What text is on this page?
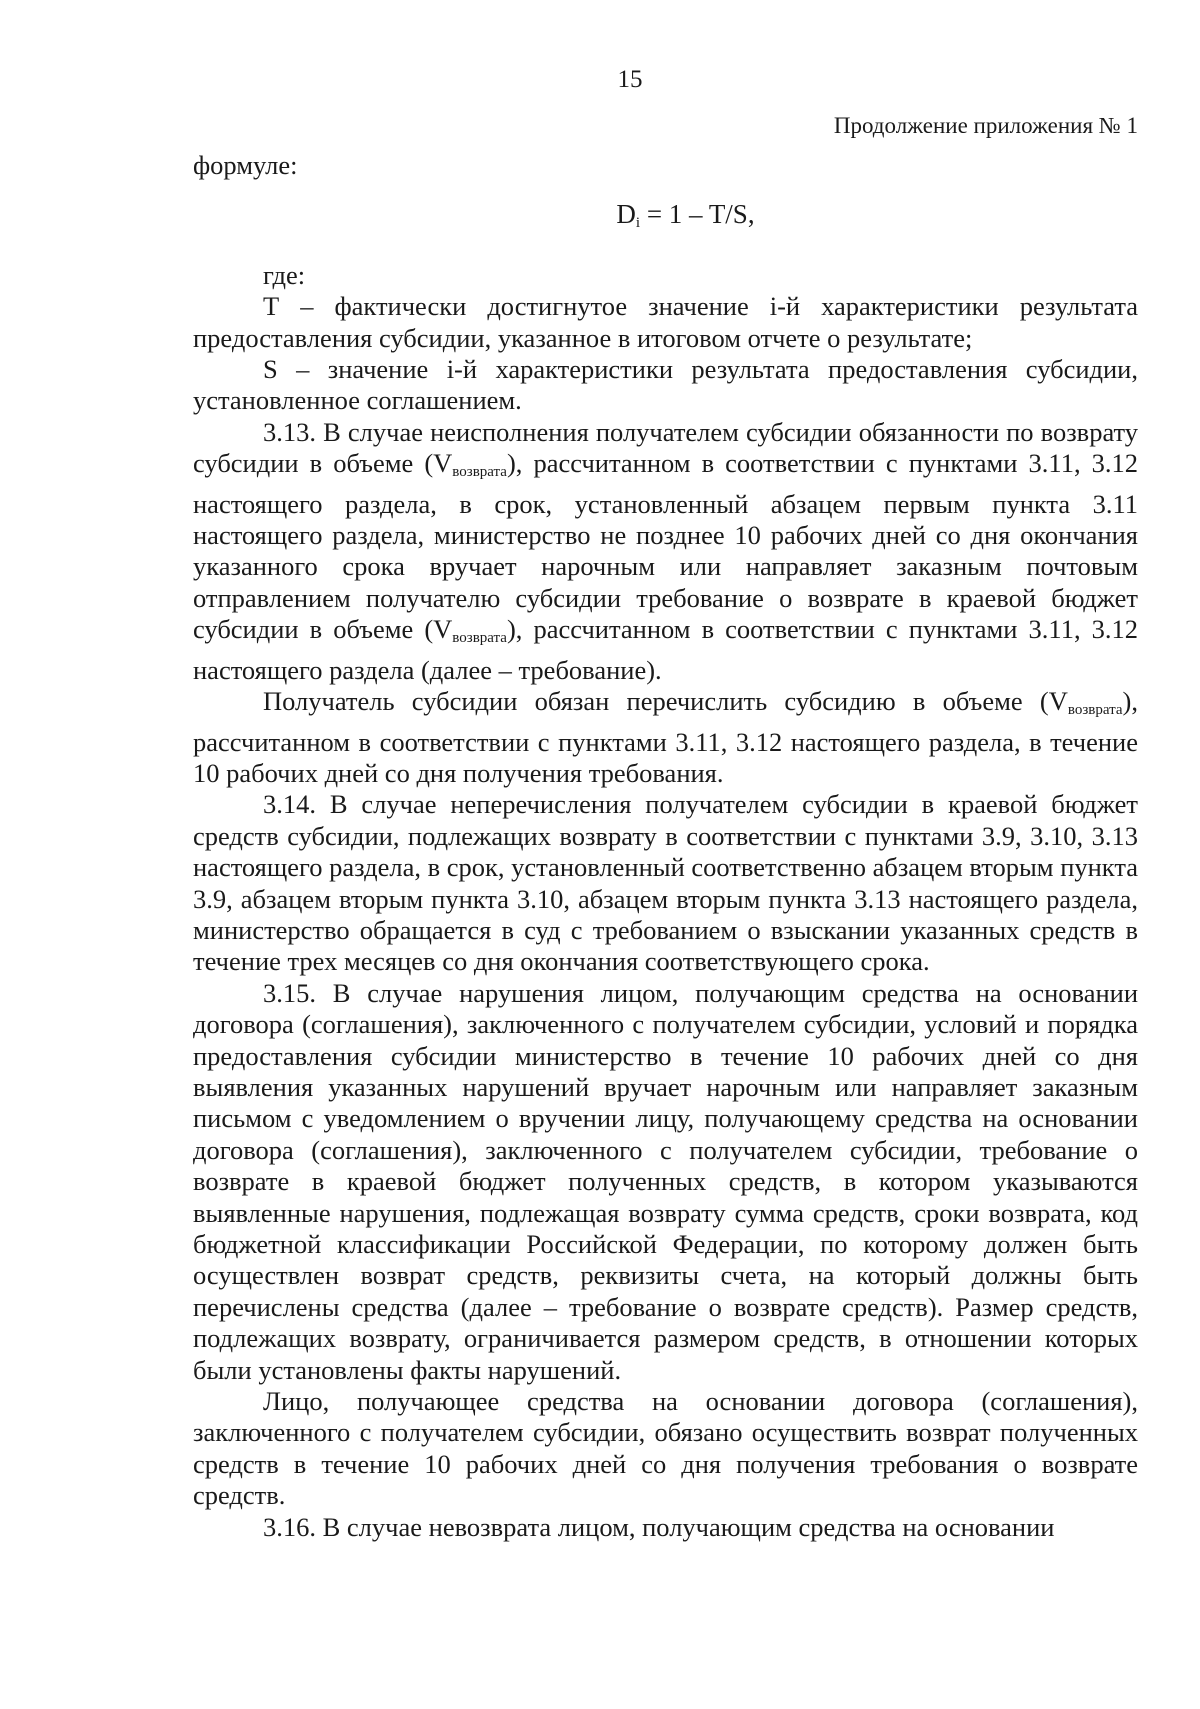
15
Продолжение приложения № 1

формуле:

$D_i = 1 - T/S$,

где:

Т – фактически достигнутое значение і-й характеристики результата предоставления субсидии, указанное в итоговом отчете о результате;

S – значение і-й характеристики результата предоставления субсидии, установленное соглашением.

3.13. В случае неисполнения получателем субсидии обязанности по возврату субсидии в объеме $(V_{возврата})$, рассчитанном в соответствии с пунктами 3.11, 3.12 настоящего раздела, в срок, установленный абзацем первым пункта 3.11 настоящего раздела, министерство не позднее 10 рабочих дней со дня окончания указанного срока вручает нарочным или направляет заказным почтовым отправлением получателю субсидии требование о возврате в краевой бюджет субсидии в объеме $(V_{возврата})$, рассчитанном в соответствии с пунктами 3.11, 3.12 настоящего раздела (далее – требование).

Получатель субсидии обязан перечислить субсидию в объеме $(V_{возврата})$, рассчитанном в соответствии с пунктами 3.11, 3.12 настоящего раздела, в течение 10 рабочих дней со дня получения требования.

3.14. В случае неперечисления получателем субсидии в краевой бюджет средств субсидии, подлежащих возврату в соответствии с пунктами 3.9, 3.10, 3.13 настоящего раздела, в срок, установленный соответственно абзацем вторым пункта 3.9, абзацем вторым пункта 3.10, абзацем вторым пункта 3.13 настоящего раздела, министерство обращается в суд с требованием о взыскании указанных средств в течение трех месяцев со дня окончания соответствующего срока.

3.15. В случае нарушения лицом, получающим средства на основании договора (соглашения), заключенного с получателем субсидии, условий и порядка предоставления субсидии министерство в течение 10 рабочих дней со дня выявления указанных нарушений вручает нарочным или направляет заказным письмом с уведомлением о вручении лицу, получающему средства на основании договора (соглашения), заключенного с получателем субсидии, требование о возврате в краевой бюджет полученных средств, в котором указываются выявленные нарушения, подлежащая возврату сумма средств, сроки возврата, код бюджетной классификации Российской Федерации, по которому должен быть осуществлен возврат средств, реквизиты счета, на который должны быть перечислены средства (далее – требование о возврате средств). Размер средств, подлежащих возврату, ограничивается размером средств, в отношении которых были установлены факты нарушений.

Лицо, получающее средства на основании договора (соглашения), заключенного с получателем субсидии, обязано осуществить возврат полученных средств в течение 10 рабочих дней со дня получения требования о возврате средств.

3.16. В случае невозврата лицом, получающим средства на основании
